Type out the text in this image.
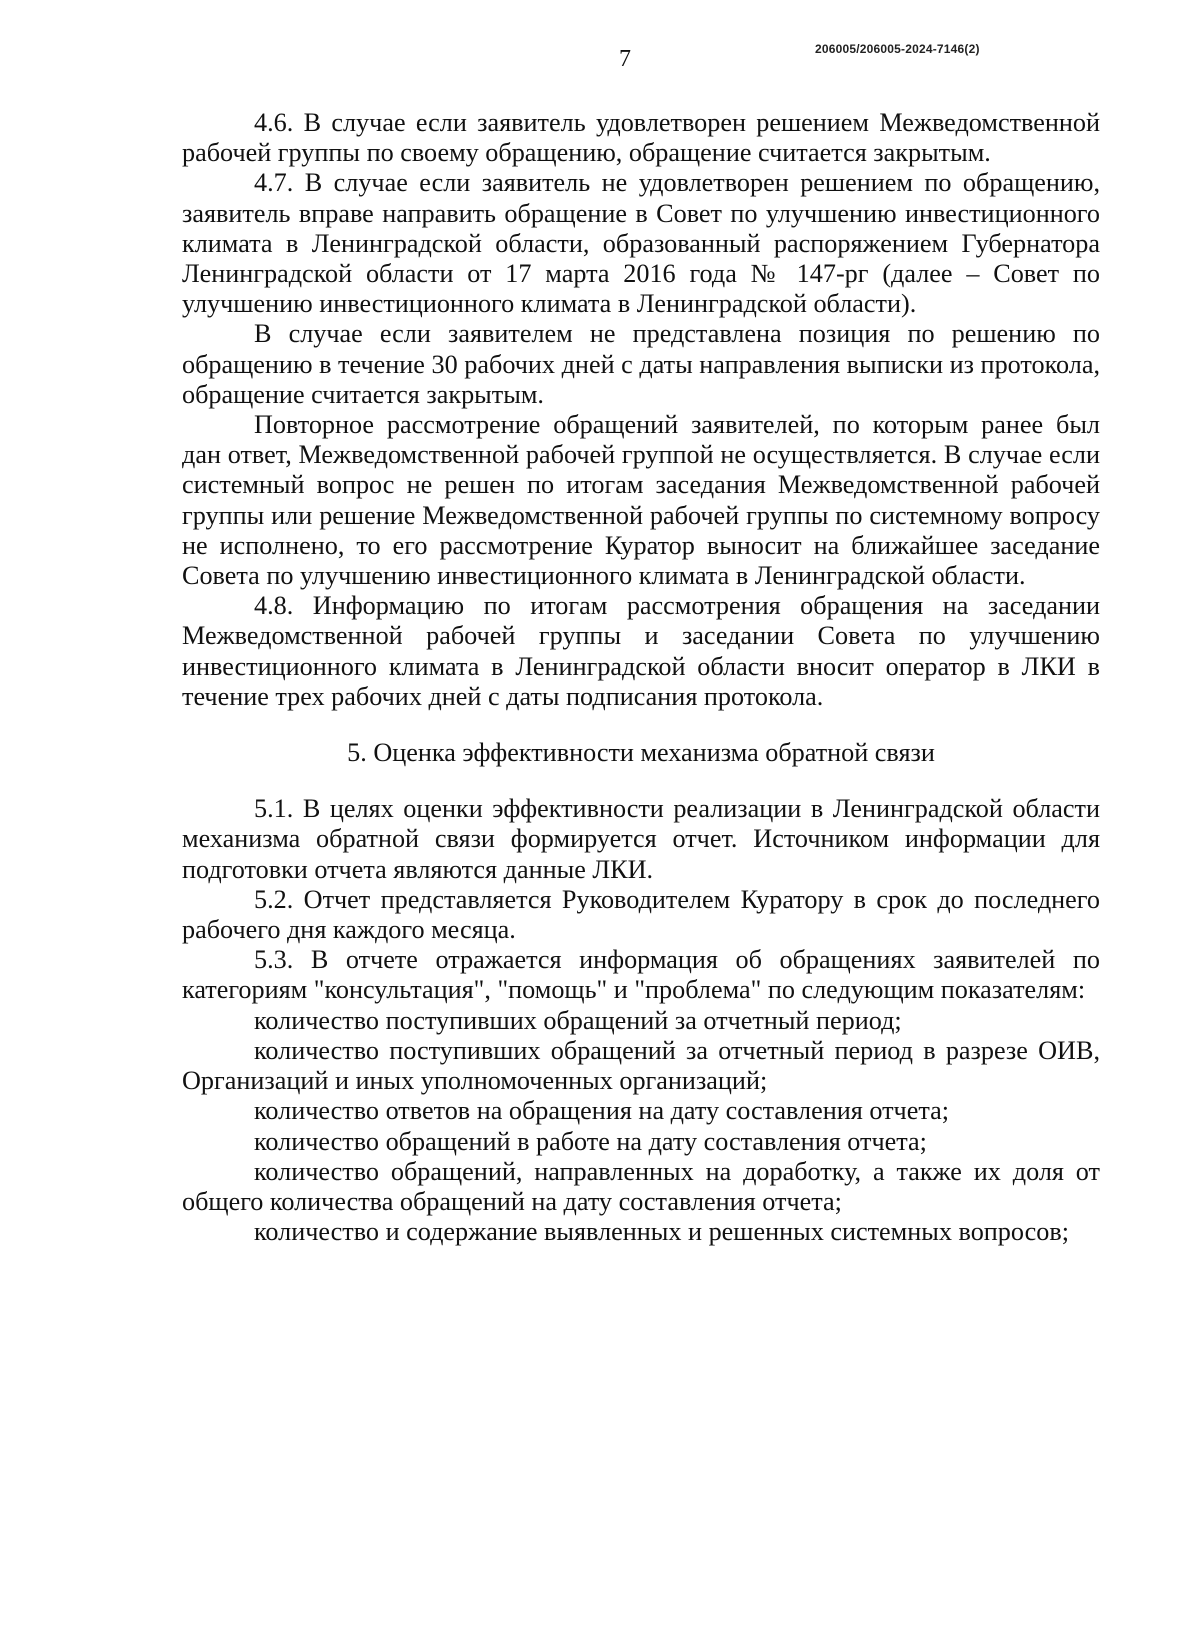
7	206005/206005-2024-7146(2)

4.6. В случае если заявитель удовлетворен решением Межведомственной рабочей группы по своему обращению, обращение считается закрытым.

4.7. В случае если заявитель не удовлетворен решением по обращению, заявитель вправе направить обращение в Совет по улучшению инвестиционного климата в Ленинградской области, образованный распоряжением Губернатора Ленинградской области от 17 марта 2016 года № 147-рг (далее – Совет по улучшению инвестиционного климата в Ленинградской области).

В случае если заявителем не представлена позиция по решению по обращению в течение 30 рабочих дней с даты направления выписки из протокола, обращение считается закрытым.

Повторное рассмотрение обращений заявителей, по которым ранее был дан ответ, Межведомственной рабочей группой не осуществляется. В случае если системный вопрос не решен по итогам заседания Межведомственной рабочей группы или решение Межведомственной рабочей группы по системному вопросу не исполнено, то его рассмотрение Куратор выносит на ближайшее заседание Совета по улучшению инвестиционного климата в Ленинградской области.

4.8. Информацию по итогам рассмотрения обращения на заседании Межведомственной рабочей группы и заседании Совета по улучшению инвестиционного климата в Ленинградской области вносит оператор в ЛКИ в течение трех рабочих дней с даты подписания протокола.

5. Оценка эффективности механизма обратной связи

5.1. В целях оценки эффективности реализации в Ленинградской области механизма обратной связи формируется отчет. Источником информации для подготовки отчета являются данные ЛКИ.

5.2. Отчет представляется Руководителем Куратору в срок до последнего рабочего дня каждого месяца.

5.3. В отчете отражается информация об обращениях заявителей по категориям "консультация", "помощь" и "проблема" по следующим показателям:

количество поступивших обращений за отчетный период;

количество поступивших обращений за отчетный период в разрезе ОИВ, Организаций и иных уполномоченных организаций;

количество ответов на обращения на дату составления отчета;

количество обращений в работе на дату составления отчета;

количество обращений, направленных на доработку, а также их доля от общего количества обращений на дату составления отчета;

количество и содержание выявленных и решенных системных вопросов;
